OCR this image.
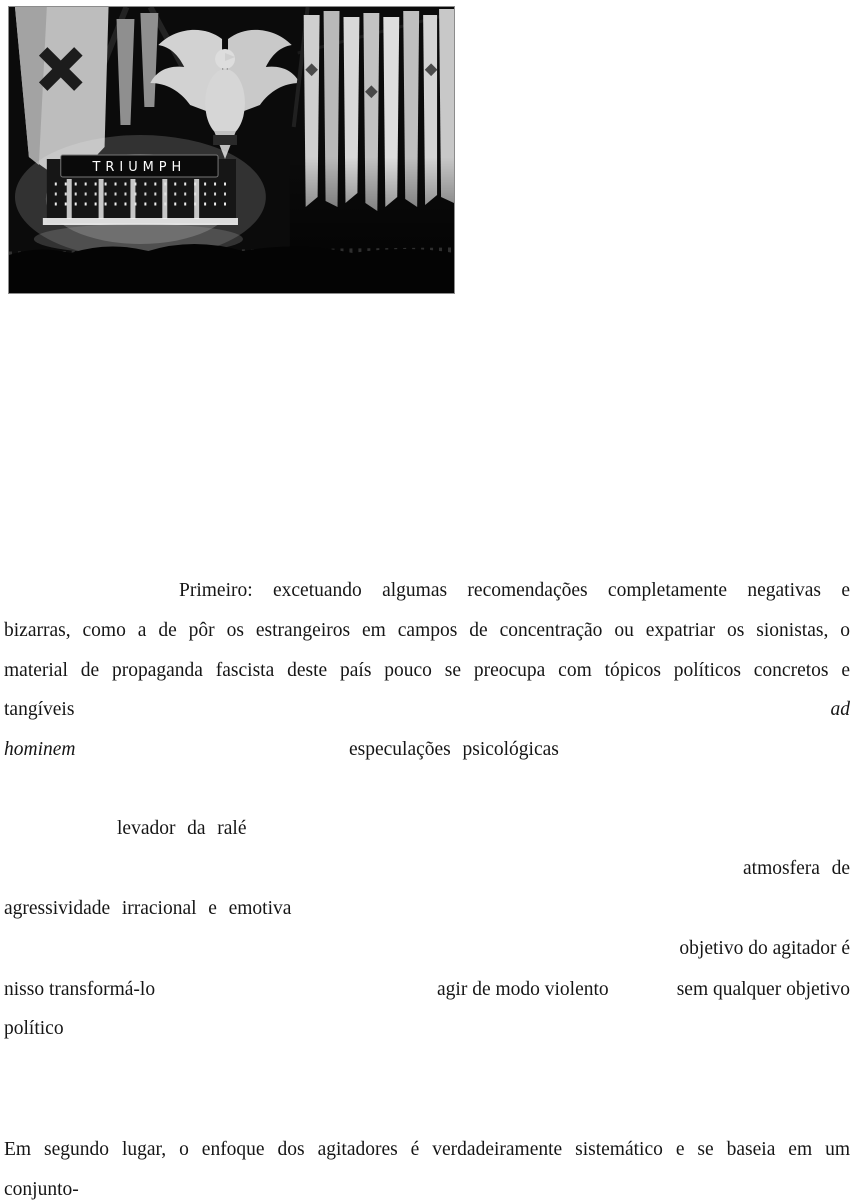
TRIUMPH
Primeiro: excetuando algumas recomendações completamente negativas e
bizarras, como a de pôr os estrangeiros em campos de concentração ou expatriar os sionistas, o
material de propaganda fascista deste país pouco se preocupa com tópicos políticos concretos e
tangíveis	ad
hominem	especulações psicológicas
levador da ralé
atmosfera de
agressividade irracional e emotiva
objetivo do agitador é
nisso transformá-lo	agir de modo violento	sem qualquer objetivo
político
Em segundo lugar, o enfoque dos agitadores é verdadeiramente sistemático e se baseia em um
conjunto-
